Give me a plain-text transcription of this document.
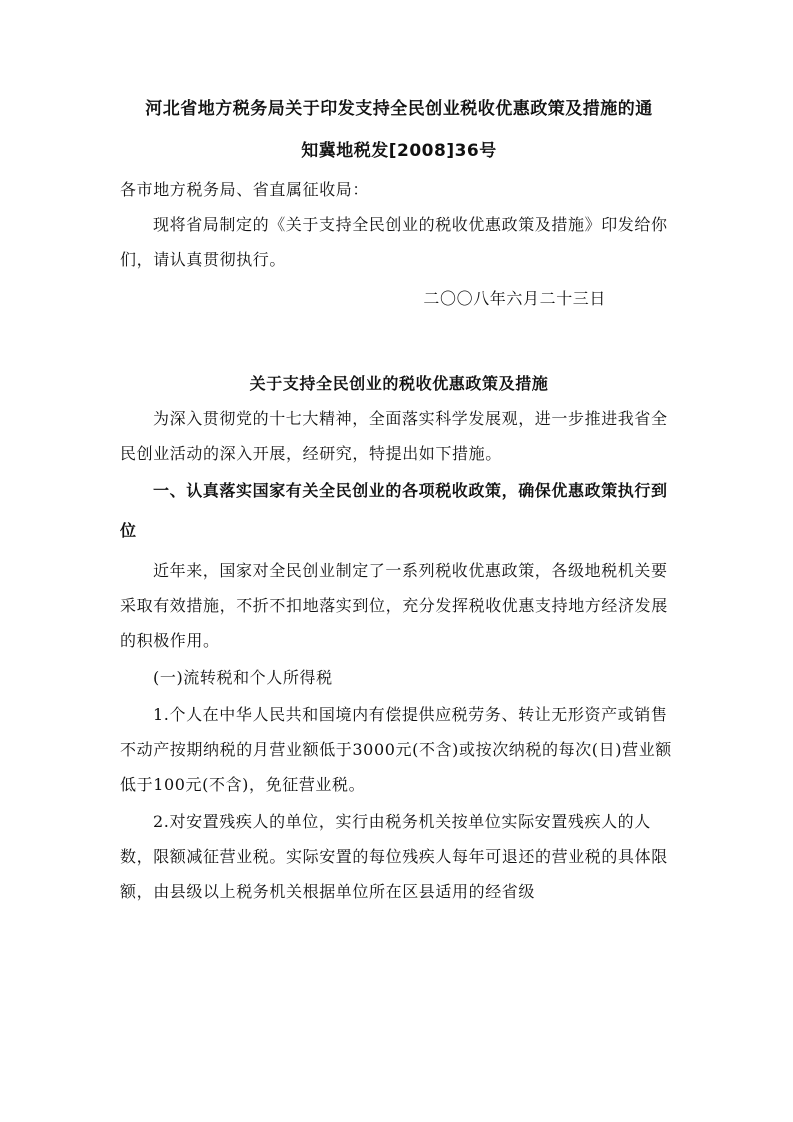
河北省地方税务局关于印发支持全民创业税收优惠政策及措施的通
知冀地税发[2008]36号

各市地方税务局、省直属征收局：

现将省局制定的《关于支持全民创业的税收优惠政策及措施》印发给你们，请认真贯彻执行。

二〇〇八年六月二十三日

关于支持全民创业的税收优惠政策及措施

为深入贯彻党的十七大精神，全面落实科学发展观，进一步推进我省全民创业活动的深入开展，经研究，特提出如下措施。

一、认真落实国家有关全民创业的各项税收政策，确保优惠政策执行到位

近年来，国家对全民创业制定了一系列税收优惠政策，各级地税机关要采取有效措施，不折不扣地落实到位，充分发挥税收优惠支持地方经济发展的积极作用。

(一)流转税和个人所得税

1.个人在中华人民共和国境内有偿提供应税劳务、转让无形资产或销售不动产按期纳税的月营业额低于3000元(不含)或按次纳税的每次(日)营业额低于100元(不含)，免征营业税。

2.对安置残疾人的单位，实行由税务机关按单位实际安置残疾人的人数，限额减征营业税。实际安置的每位残疾人每年可退还的营业税的具体限额，由县级以上税务机关根据单位所在区县适用的经省级
